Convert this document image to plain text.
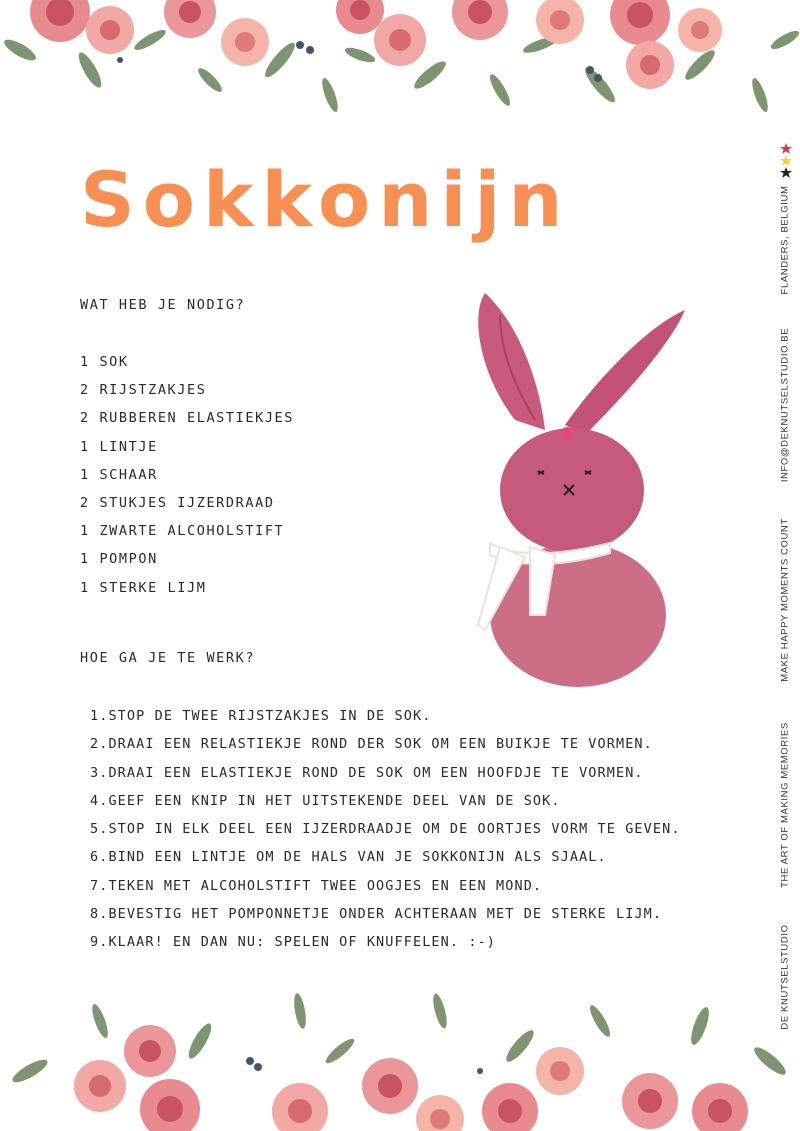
Sokkonijn
WAT HEB JE NODIG?
1 SOK
2 RIJSTZAKJES
2 RUBBEREN ELASTIEKJES
1 LINTJE
1 SCHAAR
2 STUKJES IJZERDRAAD
1 ZWARTE ALCOHOLSTIFT
1 POMPON
1 STERKE LIJM
HOE GA JE TE WERK?
1.STOP DE TWEE RIJSTZAKJES IN DE SOK.
2.DRAAI EEN RELASTIEKJE ROND DER SOK OM EEN BUIKJE TE VORMEN.
3.DRAAI EEN ELASTIEKJE ROND DE SOK OM EEN HOOFDJE TE VORMEN.
4.GEEF EEN KNIP IN HET UITSTEKENDE DEEL VAN DE SOK.
5.STOP IN ELK DEEL EEN IJZERDRAADJE OM DE OORTJES VORM TE GEVEN.
6.BIND EEN LINTJE OM DE HALS VAN JE SOKKONIJN ALS SJAAL.
7.TEKEN MET ALCOHOLSTIFT TWEE OOGJES EN EEN MOND.
8.BEVESTIG HET POMPONNETJE ONDER ACHTERAAN MET DE STERKE LIJM.
9.KLAAR! EN DAN NU: SPELEN OF KNUFFELEN. :-)
FLANDERS, BELGIUM
INFO@DEKNUTSELSTUDIO.BE
MAKE HAPPY MOMENTS COUNT
THE ART OF MAKING MEMORIES
DE KNUTSELSTUDIO
